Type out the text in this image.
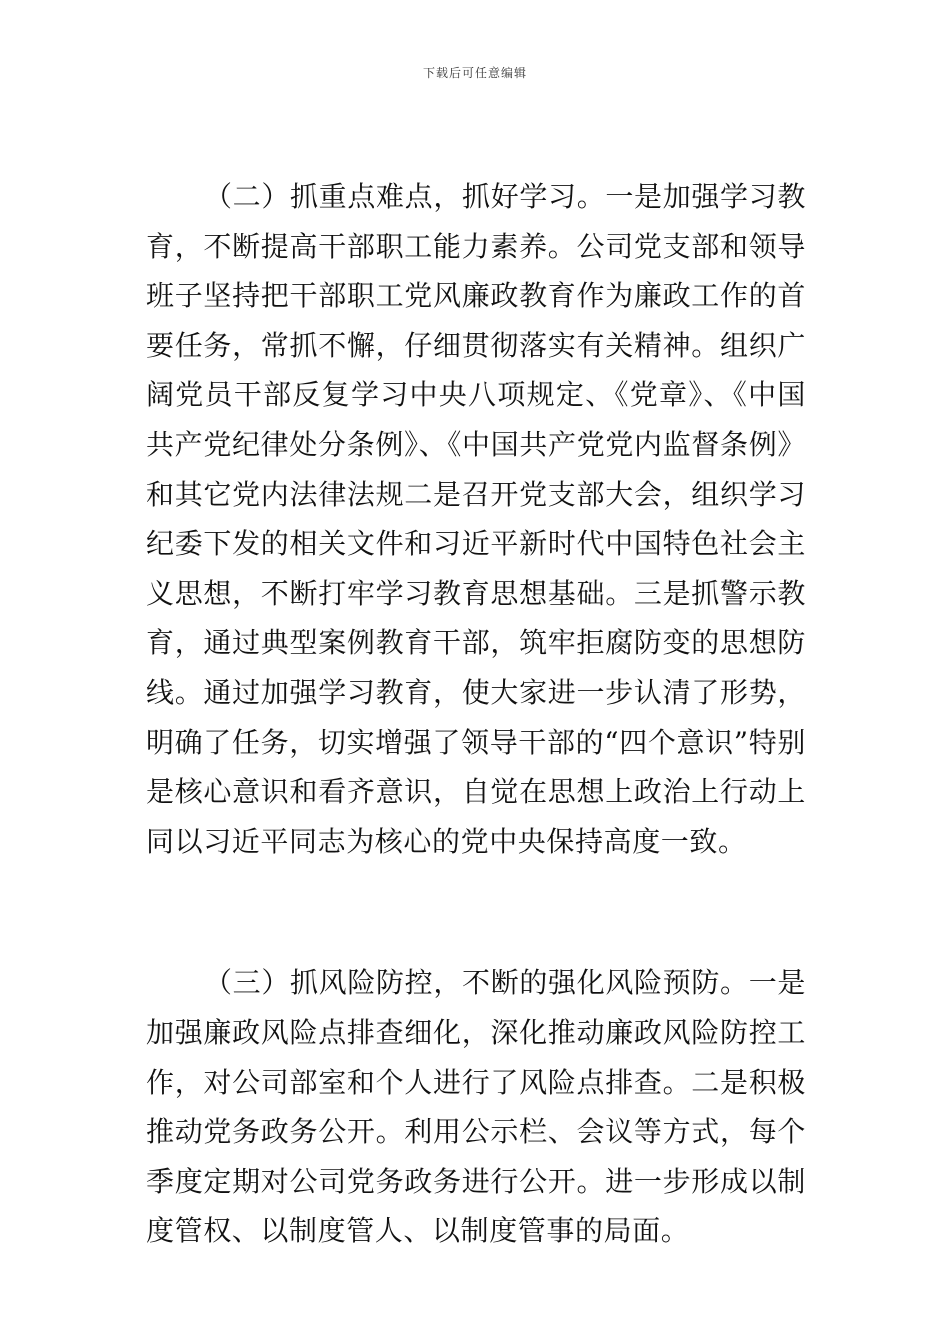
下载后可任意编辑

（二）抓重点难点，抓好学习。一是加强学习教育，不断提高干部职工能力素养。公司党支部和领导班子坚持把干部职工党风廉政教育作为廉政工作的首要任务，常抓不懈，仔细贯彻落实有关精神。组织广阔党员干部反复学习中央八项规定、《党章》、《中国共产党纪律处分条例》、《中国共产党党内监督条例》和其它党内法律法规二是召开党支部大会，组织学习纪委下发的相关文件和习近平新时代中国特色社会主义思想，不断打牢学习教育思想基础。三是抓警示教育，通过典型案例教育干部，筑牢拒腐防变的思想防线。通过加强学习教育，使大家进一步认清了形势，明确了任务，切实增强了领导干部的“四个意识”特别是核心意识和看齐意识，自觉在思想上政治上行动上同以习近平同志为核心的党中央保持高度一致。

（三）抓风险防控，不断的强化风险预防。一是加强廉政风险点排查细化，深化推动廉政风险防控工作，对公司部室和个人进行了风险点排查。二是积极推动党务政务公开。利用公示栏、会议等方式，每个季度定期对公司党务政务进行公开。进一步形成以制度管权、以制度管人、以制度管事的局面。
